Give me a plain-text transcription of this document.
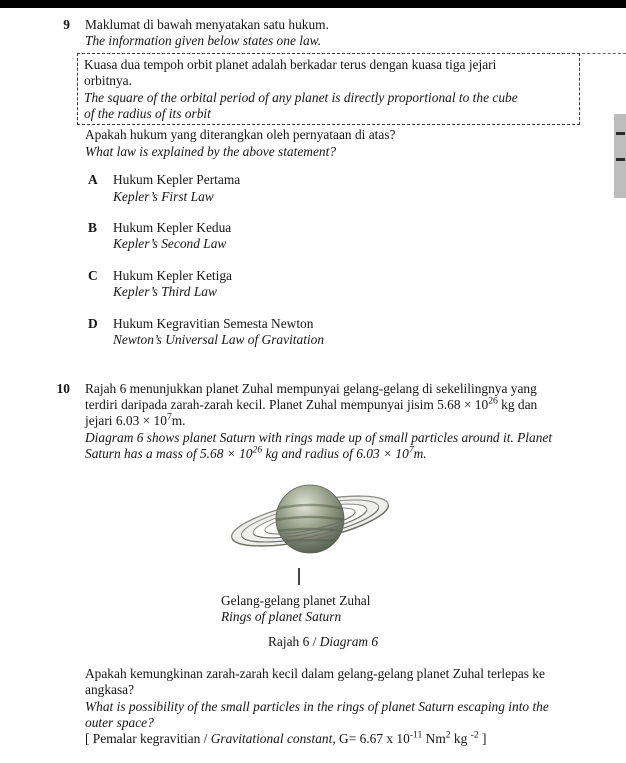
9 Maklumat di bawah menyatakan satu hukum.
The information given below states one law.
Kuasa dua tempoh orbit planet adalah berkadar terus dengan kuasa tiga jejari
orbitnya.
The square of the orbital period of any planet is directly proportional to the cube
of the radius of its orbit
Apakah hukum yang diterangkan oleh pernyataan di atas?
What law is explained by the above statement?
A	Hukum Kepler Pertama
Kepler’s First Law
B	Hukum Kepler Kedua
Kepler’s Second Law
C	Hukum Kepler Ketiga
Kepler’s Third Law
D	Hukum Kegravitian Semesta Newton
Newton’s Universal Law of Gravitation
10 Rajah 6 menunjukkan planet Zuhal mempunyai gelang-gelang di sekelilingnya yang
terdiri daripada zarah-zarah kecil. Planet Zuhal mempunyai jisim $5.68 \times 10^{26}$ kg dan
jejari $6.03 \times 10^7m$.
Diagram 6 shows planet Saturn with rings made up of small particles around it. Planet
Saturn has a mass of $5.68 \times 10^{26}$ kg and radius of $6.03 \times 10^7m$.
Gelang-gelang planet Zuhal
Rings of planet Saturn
Rajah 6 / Diagram 6
Apakah kemungkinan zarah-zarah kecil dalam gelang-gelang planet Zuhal terlepas ke
angkasa?
What is possibility of the small particles in the rings of planet Saturn escaping into the
outer space?
[ Pemalar kegravitian / Gravitational constant, G= 6.67 x $10^{-11}$ Nm$^2$ kg $^{-2}$ ]
